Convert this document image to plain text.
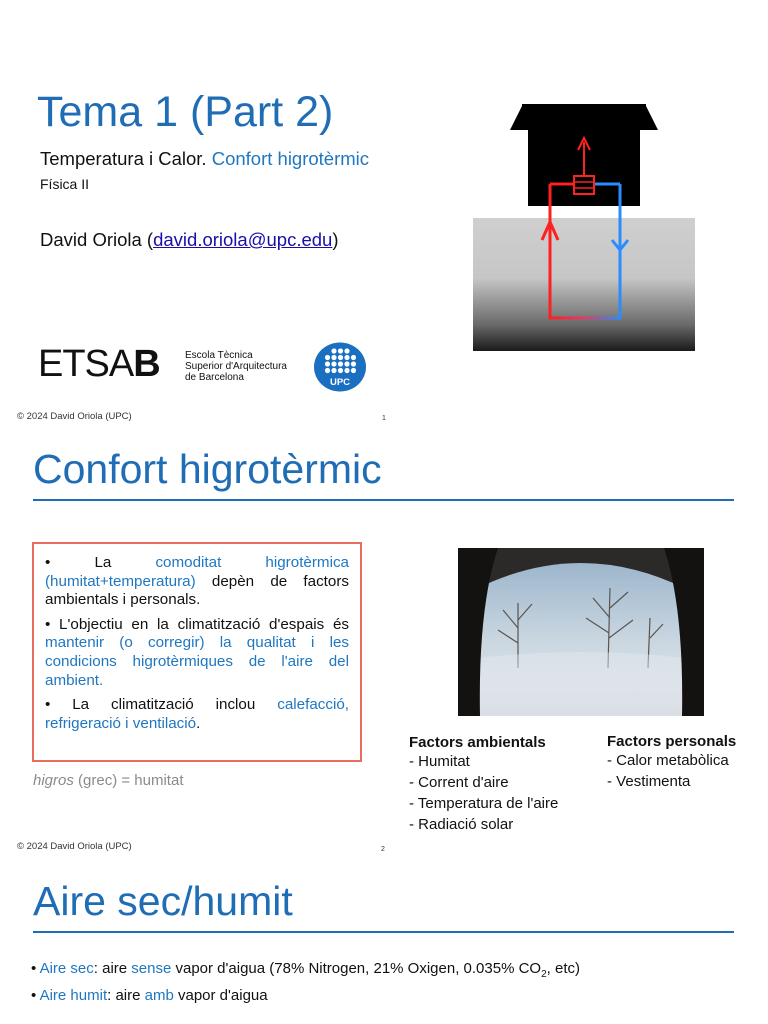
Tema 1 (Part 2)
Temperatura i Calor. Confort higrotèrmic
Física II
David Oriola (david.oriola@upc.edu)
ETSAB	Escola Tècnica
Superior d'Arquitectura
de Barcelona	UPC
© 2024 David Oriola (UPC)	1
Confort higrotèrmic

• La comoditat higrotèrmica (humitat+temperatura) depèn de factors ambientals i personals.

• L'objectiu en la climatització d'espais és mantenir (o corregir) la qualitat i les condicions higrotèrmiques de l'aire del ambient.

• La climatització inclou calefacció, refrigeració i ventilació.

higros (grec) = humitat
Factors ambientals
- Humitat
- Corrent d'aire
- Temperatura de l'aire
- Radiació solar
Factors personals
- Calor metabòlica
- Vestimenta
© 2024 David Oriola (UPC)	2
Aire sec/humit
• Aire sec: aire sense vapor d'aigua (78% Nitrogen, 21% Oxigen, 0.035% $CO_2$, etc)
• Aire humit: aire amb vapor d'aigua
